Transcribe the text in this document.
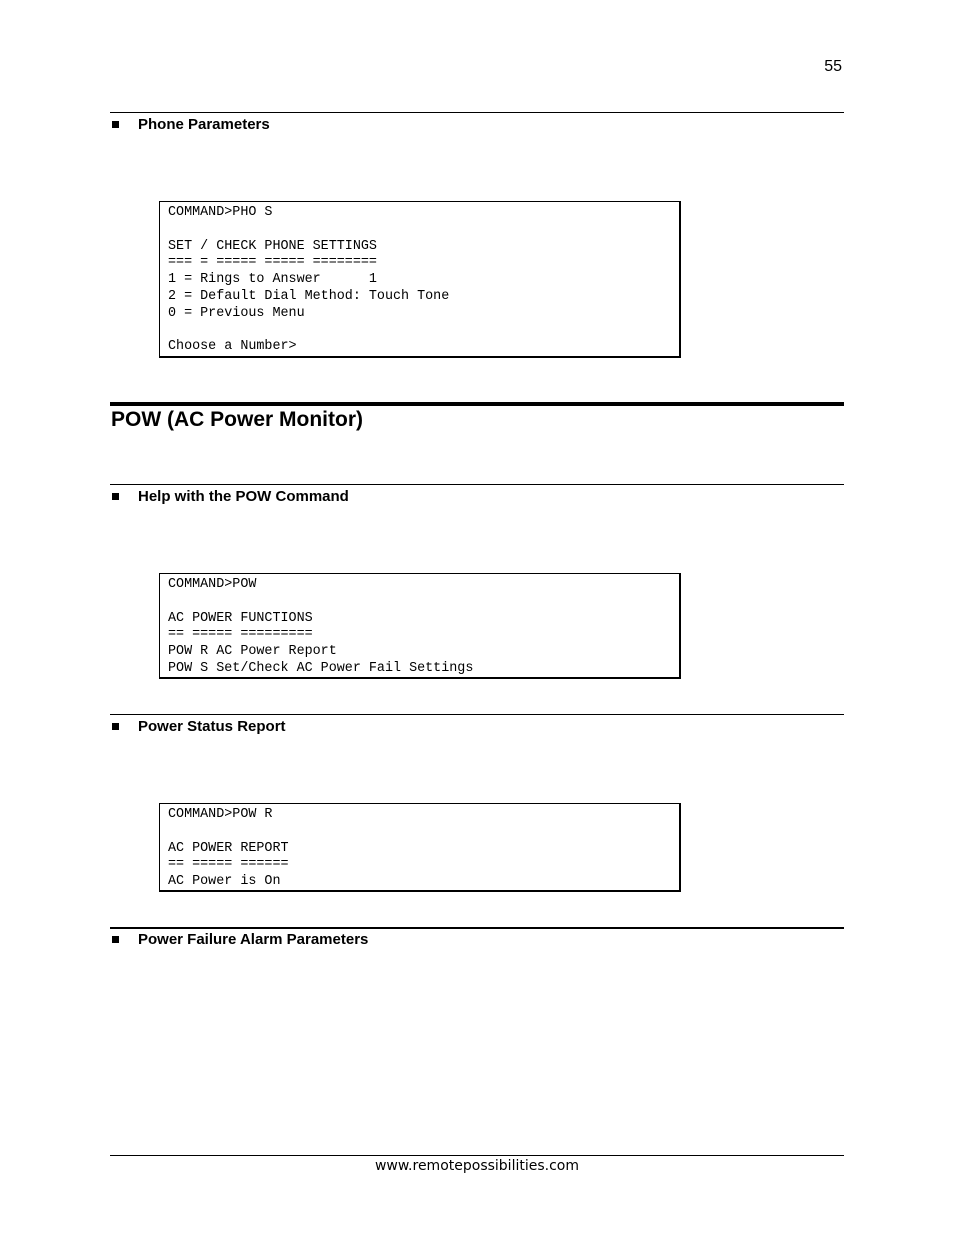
55
Phone Parameters
COMMAND>PHO S
SET / CHECK PHONE SETTINGS
=== = ===== ===== ========
1 = Rings to Answer      1
2 = Default Dial Method: Touch Tone
0 = Previous Menu
Choose a Number>
POW (AC Power Monitor)
Help with the POW Command
COMMAND>POW
AC POWER FUNCTIONS
== ===== =========
POW R AC Power Report
POW S Set/Check AC Power Fail Settings
Power Status Report
COMMAND>POW R
AC POWER REPORT
== ===== ======
AC Power is On
Power Failure Alarm Parameters
www.remotepossibilities.com
